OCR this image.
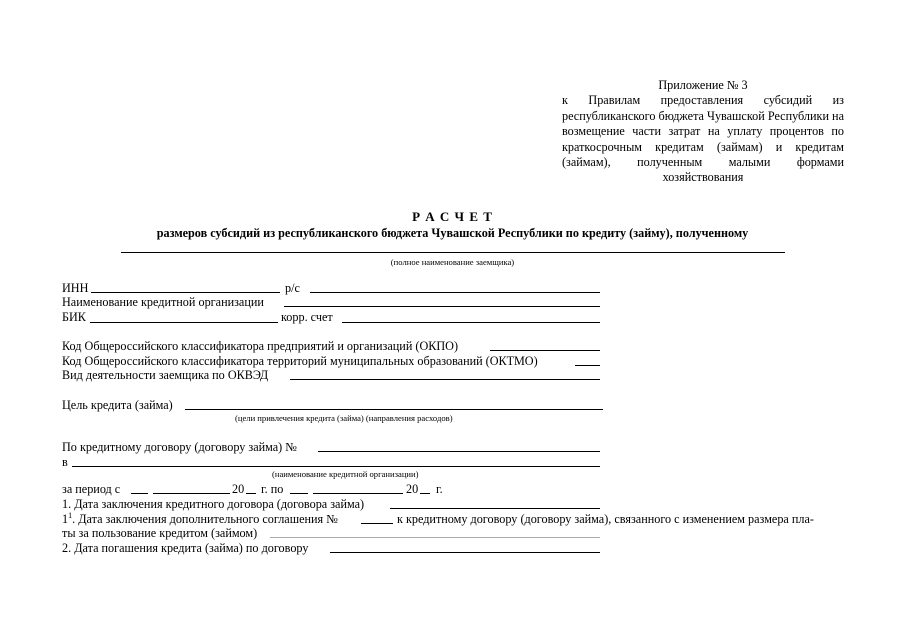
Приложение № 3
к Правилам предоставления субсидий из республиканского бюджета Чувашской Республики на возмещение части затрат на уплату процентов по краткосрочным кредитам (займам) и кредитам (займам), полученным малыми формами хозяйствования
Р А С Ч Е Т
размеров субсидий из республиканского бюджета Чувашской Республики по кредиту (займу), полученному
(полное наименование заемщика)
ИНН	р/с
Наименование кредитной организации
БИК	корр. счет
Код Общероссийского классификатора предприятий и организаций (ОКПО)
Код Общероссийского классификатора территорий муниципальных образований (ОКТМО)
Вид деятельности заемщика по ОКВЭД
Цель кредита (займа)
(цели привлечения кредита (займа) (направления расходов)
По кредитному договору (договору займа) №
в
(наименование кредитной организации)
за период с	20 г. по	20 г.
1. Дата заключения кредитного договора (договора займа)
$1^1$. Дата заключения дополнительного соглашения №	к кредитному договору (договору займа), связанного с изменением размера пла-
ты за пользование кредитом (займом)
2. Дата погашения кредита (займа) по договору
